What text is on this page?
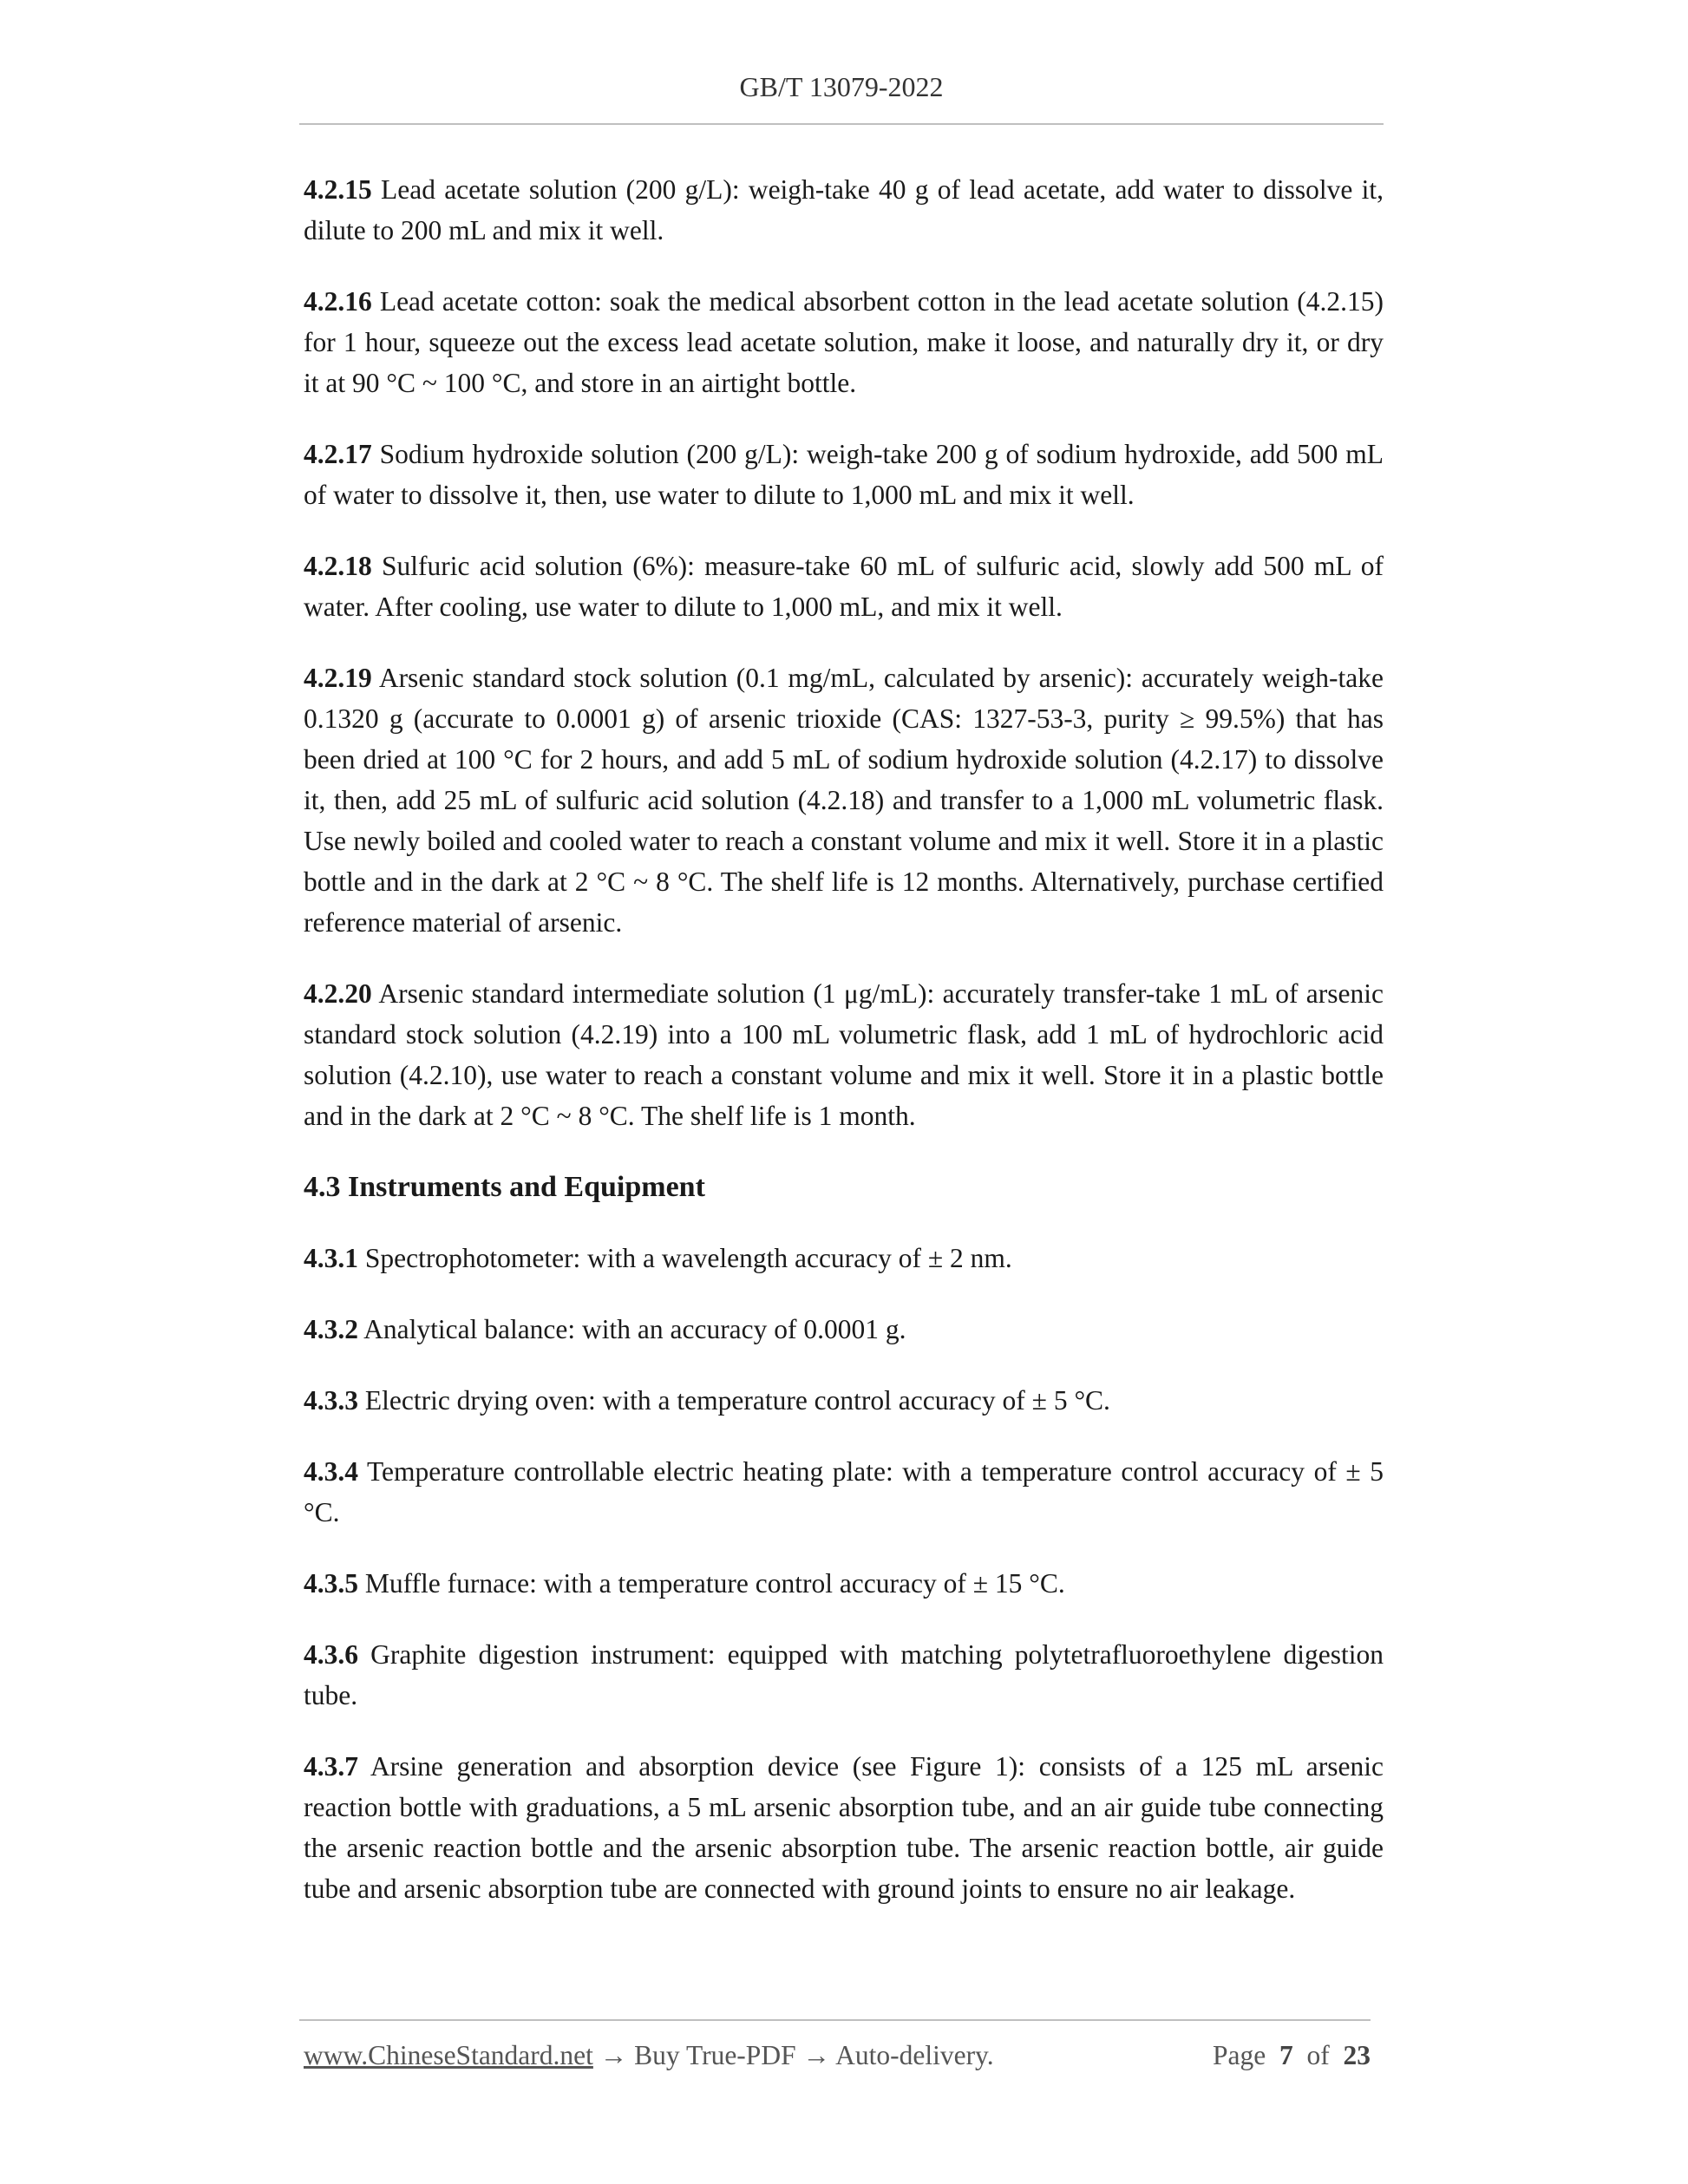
GB/T 13079-2022

4.2.15 Lead acetate solution (200 g/L): weigh-take 40 g of lead acetate, add water to dissolve it, dilute to 200 mL and mix it well.

4.2.16 Lead acetate cotton: soak the medical absorbent cotton in the lead acetate solution (4.2.15) for 1 hour, squeeze out the excess lead acetate solution, make it loose, and naturally dry it, or dry it at 90 °C ~ 100 °C, and store in an airtight bottle.

4.2.17 Sodium hydroxide solution (200 g/L): weigh-take 200 g of sodium hydroxide, add 500 mL of water to dissolve it, then, use water to dilute to 1,000 mL and mix it well.

4.2.18 Sulfuric acid solution (6%): measure-take 60 mL of sulfuric acid, slowly add 500 mL of water. After cooling, use water to dilute to 1,000 mL, and mix it well.

4.2.19 Arsenic standard stock solution (0.1 mg/mL, calculated by arsenic): accurately weigh-take 0.1320 g (accurate to 0.0001 g) of arsenic trioxide (CAS: 1327-53-3, purity ≥ 99.5%) that has been dried at 100 °C for 2 hours, and add 5 mL of sodium hydroxide solution (4.2.17) to dissolve it, then, add 25 mL of sulfuric acid solution (4.2.18) and transfer to a 1,000 mL volumetric flask. Use newly boiled and cooled water to reach a constant volume and mix it well. Store it in a plastic bottle and in the dark at 2 °C ~ 8 °C. The shelf life is 12 months. Alternatively, purchase certified reference material of arsenic.

4.2.20 Arsenic standard intermediate solution (1 μg/mL): accurately transfer-take 1 mL of arsenic standard stock solution (4.2.19) into a 100 mL volumetric flask, add 1 mL of hydrochloric acid solution (4.2.10), use water to reach a constant volume and mix it well. Store it in a plastic bottle and in the dark at 2 °C ~ 8 °C. The shelf life is 1 month.

4.3 Instruments and Equipment

4.3.1 Spectrophotometer: with a wavelength accuracy of ± 2 nm.

4.3.2 Analytical balance: with an accuracy of 0.0001 g.

4.3.3 Electric drying oven: with a temperature control accuracy of ± 5 °C.

4.3.4 Temperature controllable electric heating plate: with a temperature control accuracy of ± 5 °C.

4.3.5 Muffle furnace: with a temperature control accuracy of ± 15 °C.

4.3.6 Graphite digestion instrument: equipped with matching polytetrafluoroethylene digestion tube.

4.3.7 Arsine generation and absorption device (see Figure 1): consists of a 125 mL arsenic reaction bottle with graduations, a 5 mL arsenic absorption tube, and an air guide tube connecting the arsenic reaction bottle and the arsenic absorption tube. The arsenic reaction bottle, air guide tube and arsenic absorption tube are connected with ground joints to ensure no air leakage.

www.ChineseStandard.net → Buy True-PDF → Auto-delivery.	Page 7 of 23
